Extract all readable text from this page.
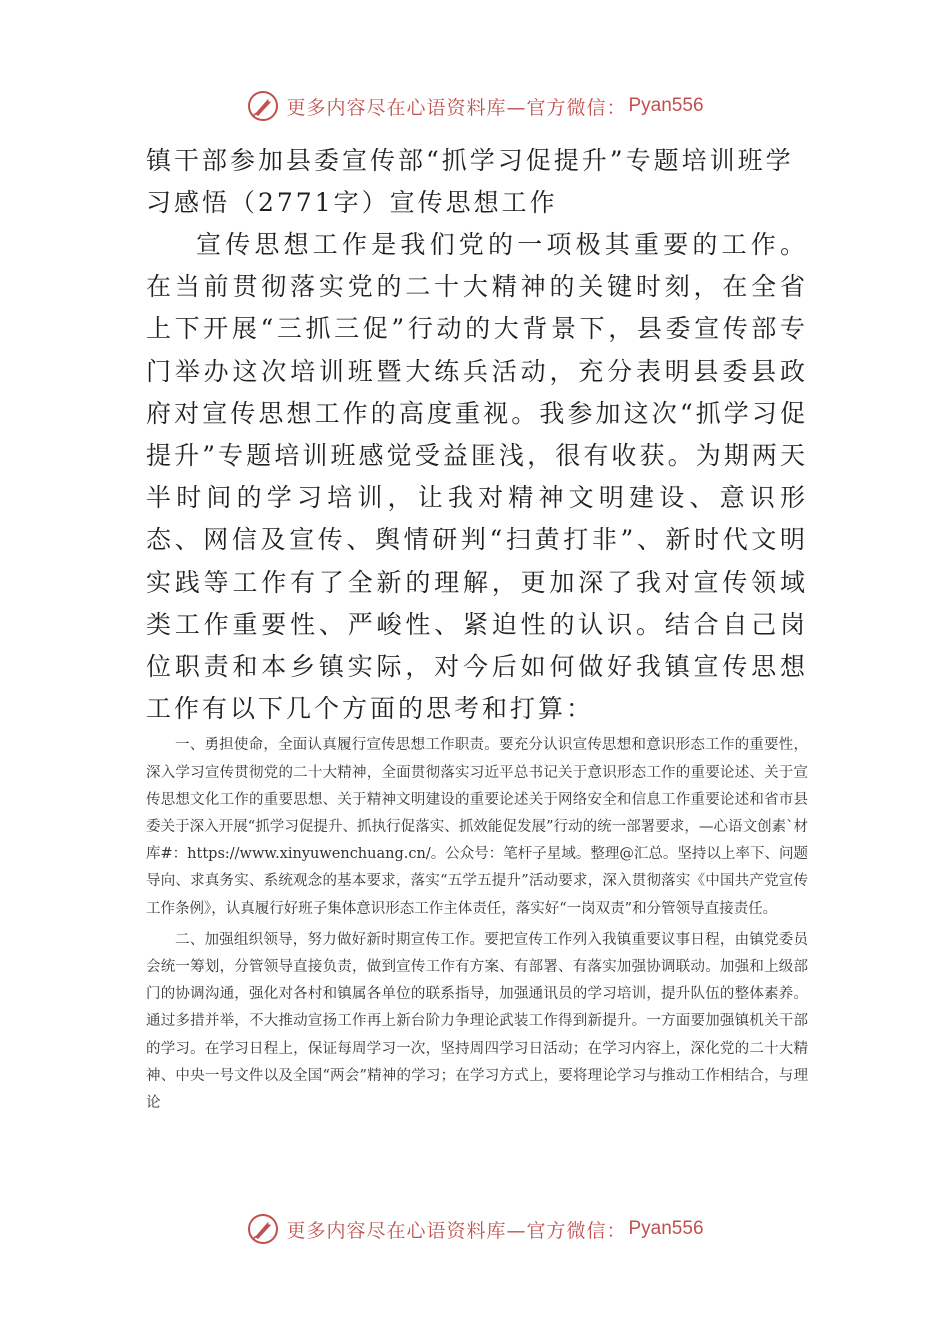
更多内容尽在心语资料库—官方微信： Pyan556
镇干部参加县委宣传部“抓学习促提升”专题培训班学习感悟（2771字）宣传思想工作

宣传思想工作是我们党的一项极其重要的工作。在当前贯彻落实党的二十大精神的关键时刻，在全省上下开展“三抓三促”行动的大背景下，县委宣传部专门举办这次培训班暨大练兵活动，充分表明县委县政府对宣传思想工作的高度重视。我参加这次“抓学习促提升”专题培训班感觉受益匪浅，很有收获。为期两天半时间的学习培训，让我对精神文明建设、意识形态、网信及宣传、舆情研判“扫黄打非”、新时代文明实践等工作有了全新的理解，更加深了我对宣传领域类工作重要性、严峻性、紧迫性的认识。结合自己岗位职责和本乡镇实际，对今后如何做好我镇宣传思想工作有以下几个方面的思考和打算：

一、勇担使命，全面认真履行宣传思想工作职责。要充分认识宣传思想和意识形态工作的重要性，深入学习宣传贯彻党的二十大精神，全面贯彻落实习近平总书记关于意识形态工作的重要论述、关于宣传思想文化工作的重要思想、关于精神文明建设的重要论述关于网络安全和信息工作重要论述和省市县委关于深入开展“抓学习促提升、抓执行促落实、抓效能促发展”行动的统一部署要求，—心语文创素`材库#：https://www.xinyuwenchuang.cn/。公众号：笔杆子星域。整理@汇总。坚持以上率下、问题导向、求真务实、系统观念的基本要求，落实“五学五提升”活动要求，深入贯彻落实《中国共产党宣传工作条例》，认真履行好班子集体意识形态工作主体责任，落实好“一岗双责”和分管领导直接责任。

二、加强组织领导，努力做好新时期宣传工作。要把宣传工作列入我镇重要议事日程，由镇党委员会统一筹划，分管领导直接负责，做到宣传工作有方案、有部署、有落实加强协调联动。加强和上级部门的协调沟通，强化对各村和镇属各单位的联系指导，加强通讯员的学习培训，提升队伍的整体素养。通过多措并举，不大推动宣扬工作再上新台阶力争理论武装工作得到新提升。一方面要加强镇机关干部的学习。在学习日程上，保证每周学习一次，坚持周四学习日活动；在学习内容上，深化党的二十大精神、中央一号文件以及全国“两会”精神的学习；在学习方式上，要将理论学习与推动工作相结合，与理论

更多内容尽在心语资料库—官方微信： Pyan556
